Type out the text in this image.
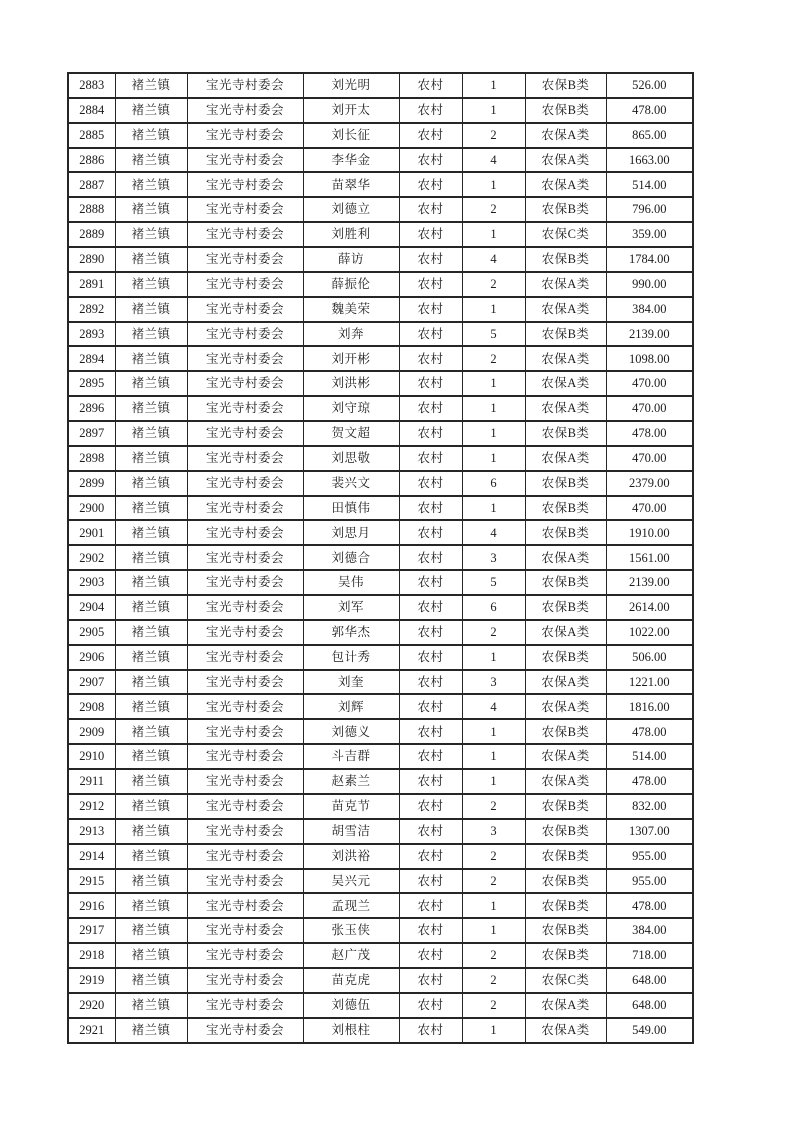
2883	褚兰镇	宝光寺村委会	刘光明	农村	1	农保B类	526.00
2884	褚兰镇	宝光寺村委会	刘开太	农村	1	农保B类	478.00
2885	褚兰镇	宝光寺村委会	刘长征	农村	2	农保A类	865.00
2886	褚兰镇	宝光寺村委会	李华金	农村	4	农保A类	1663.00
2887	褚兰镇	宝光寺村委会	苗翠华	农村	1	农保A类	514.00
2888	褚兰镇	宝光寺村委会	刘德立	农村	2	农保B类	796.00
2889	褚兰镇	宝光寺村委会	刘胜利	农村	1	农保C类	359.00
2890	褚兰镇	宝光寺村委会	薛访	农村	4	农保B类	1784.00
2891	褚兰镇	宝光寺村委会	薛振伦	农村	2	农保A类	990.00
2892	褚兰镇	宝光寺村委会	魏美荣	农村	1	农保A类	384.00
2893	褚兰镇	宝光寺村委会	刘奔	农村	5	农保B类	2139.00
2894	褚兰镇	宝光寺村委会	刘开彬	农村	2	农保A类	1098.00
2895	褚兰镇	宝光寺村委会	刘洪彬	农村	1	农保A类	470.00
2896	褚兰镇	宝光寺村委会	刘守琼	农村	1	农保A类	470.00
2897	褚兰镇	宝光寺村委会	贺文超	农村	1	农保B类	478.00
2898	褚兰镇	宝光寺村委会	刘思敬	农村	1	农保A类	470.00
2899	褚兰镇	宝光寺村委会	裴兴文	农村	6	农保B类	2379.00
2900	褚兰镇	宝光寺村委会	田慎伟	农村	1	农保B类	470.00
2901	褚兰镇	宝光寺村委会	刘思月	农村	4	农保B类	1910.00
2902	褚兰镇	宝光寺村委会	刘德合	农村	3	农保A类	1561.00
2903	褚兰镇	宝光寺村委会	吴伟	农村	5	农保B类	2139.00
2904	褚兰镇	宝光寺村委会	刘军	农村	6	农保B类	2614.00
2905	褚兰镇	宝光寺村委会	郭华杰	农村	2	农保A类	1022.00
2906	褚兰镇	宝光寺村委会	包计秀	农村	1	农保B类	506.00
2907	褚兰镇	宝光寺村委会	刘奎	农村	3	农保A类	1221.00
2908	褚兰镇	宝光寺村委会	刘辉	农村	4	农保A类	1816.00
2909	褚兰镇	宝光寺村委会	刘德义	农村	1	农保B类	478.00
2910	褚兰镇	宝光寺村委会	斗吉群	农村	1	农保A类	514.00
2911	褚兰镇	宝光寺村委会	赵素兰	农村	1	农保A类	478.00
2912	褚兰镇	宝光寺村委会	苗克节	农村	2	农保B类	832.00
2913	褚兰镇	宝光寺村委会	胡雪洁	农村	3	农保B类	1307.00
2914	褚兰镇	宝光寺村委会	刘洪裕	农村	2	农保B类	955.00
2915	褚兰镇	宝光寺村委会	吴兴元	农村	2	农保B类	955.00
2916	褚兰镇	宝光寺村委会	孟现兰	农村	1	农保B类	478.00
2917	褚兰镇	宝光寺村委会	张玉侠	农村	1	农保B类	384.00
2918	褚兰镇	宝光寺村委会	赵广茂	农村	2	农保B类	718.00
2919	褚兰镇	宝光寺村委会	苗克虎	农村	2	农保C类	648.00
2920	褚兰镇	宝光寺村委会	刘德伍	农村	2	农保A类	648.00
2921	褚兰镇	宝光寺村委会	刘根柱	农村	1	农保A类	549.00
